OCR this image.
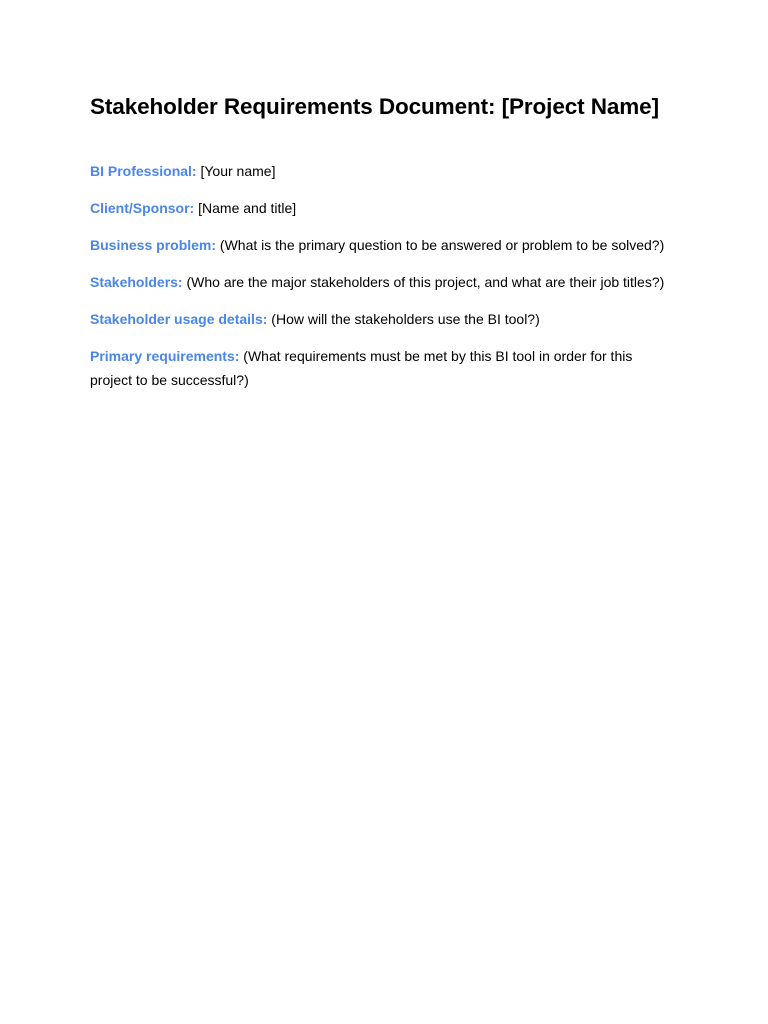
Stakeholder Requirements Document: [Project Name]

BI Professional: [Your name]

Client/Sponsor: [Name and title]

Business problem: (What is the primary question to be answered or problem to be solved?)

Stakeholders: (Who are the major stakeholders of this project, and what are their job titles?)

Stakeholder usage details: (How will the stakeholders use the BI tool?)

Primary requirements: (What requirements must be met by this BI tool in order for this project to be successful?)
